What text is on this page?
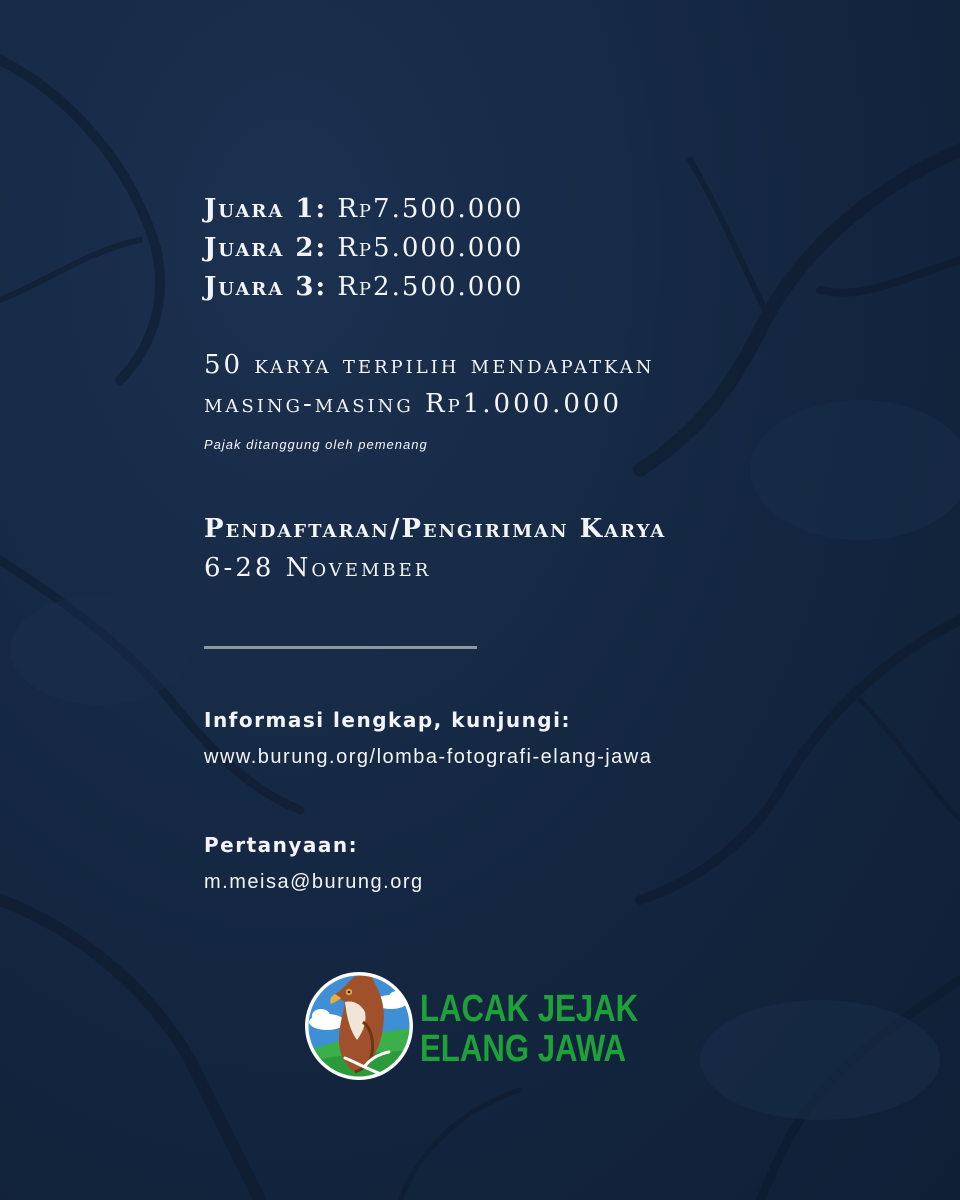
Juara 1: Rp7.500.000
Juara 2: Rp5.000.000
Juara 3: Rp2.500.000
50 karya terpilih mendapatkan
masing-masing Rp1.000.000
Pajak ditanggung oleh pemenang
Pendaftaran/Pengiriman Karya
6-28 November
Informasi lengkap, kunjungi:
www.burung.org/lomba-fotografi-elang-jawa
Pertanyaan:
m.meisa@burung.org
LACAK JEJAK
ELANG JAWA
